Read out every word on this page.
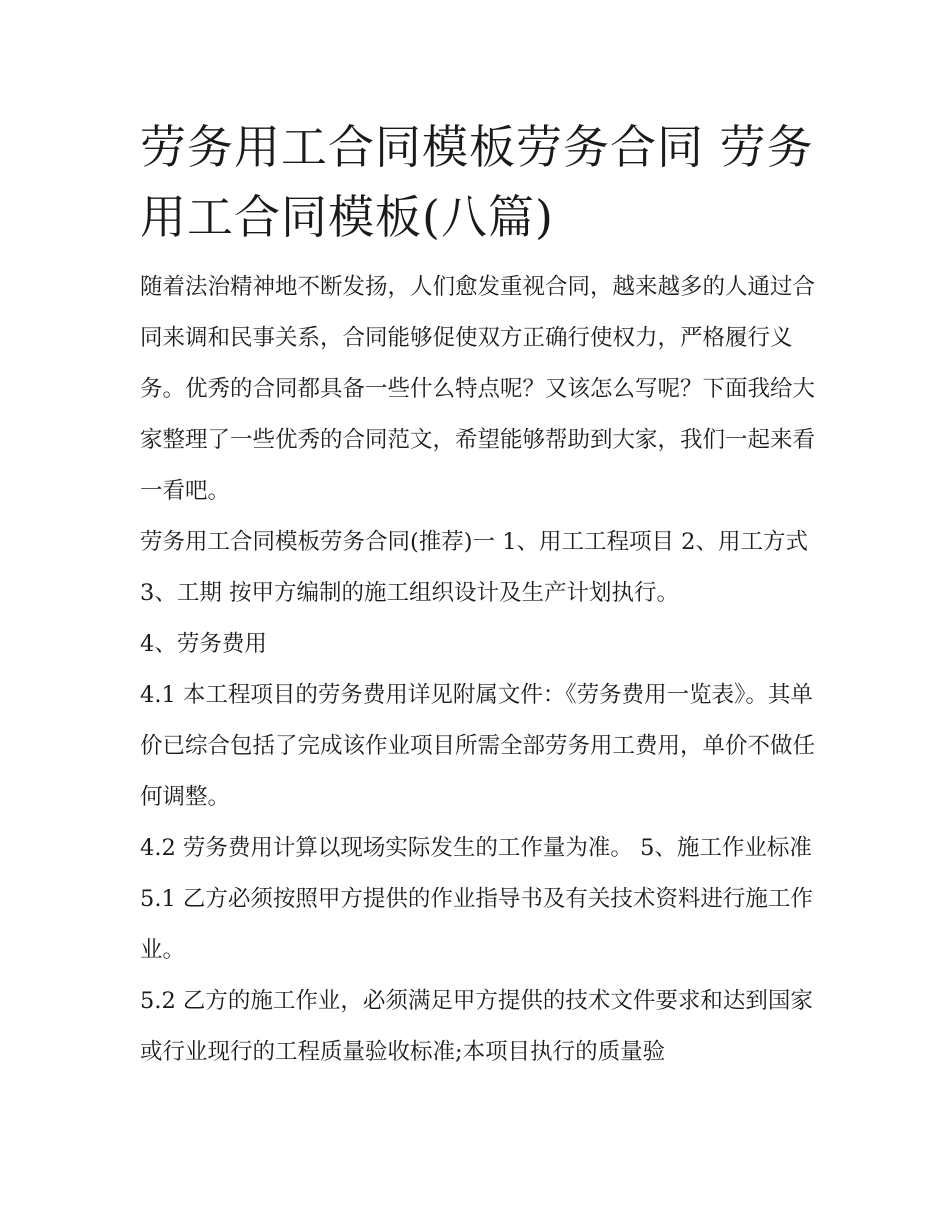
劳务用工合同模板劳务合同 劳务用工合同模板(八篇)

随着法治精神地不断发扬，人们愈发重视合同，越来越多的人通过合同来调和民事关系，合同能够促使双方正确行使权力，严格履行义务。优秀的合同都具备一些什么特点呢？又该怎么写呢？下面我给大家整理了一些优秀的合同范文，希望能够帮助到大家，我们一起来看一看吧。

劳务用工合同模板劳务合同(推荐)一 1、用工工程项目 2、用工方式 3、工期 按甲方编制的施工组织设计及生产计划执行。

4、劳务费用

4.1 本工程项目的劳务费用详见附属文件：《劳务费用一览表》。其单价已综合包括了完成该作业项目所需全部劳务用工费用，单价不做任何调整。

4.2 劳务费用计算以现场实际发生的工作量为准。 5、施工作业标准 5.1 乙方必须按照甲方提供的作业指导书及有关技术资料进行施工作业。

5.2 乙方的施工作业，必须满足甲方提供的技术文件要求和达到国家或行业现行的工程质量验收标准;本项目执行的质量验
